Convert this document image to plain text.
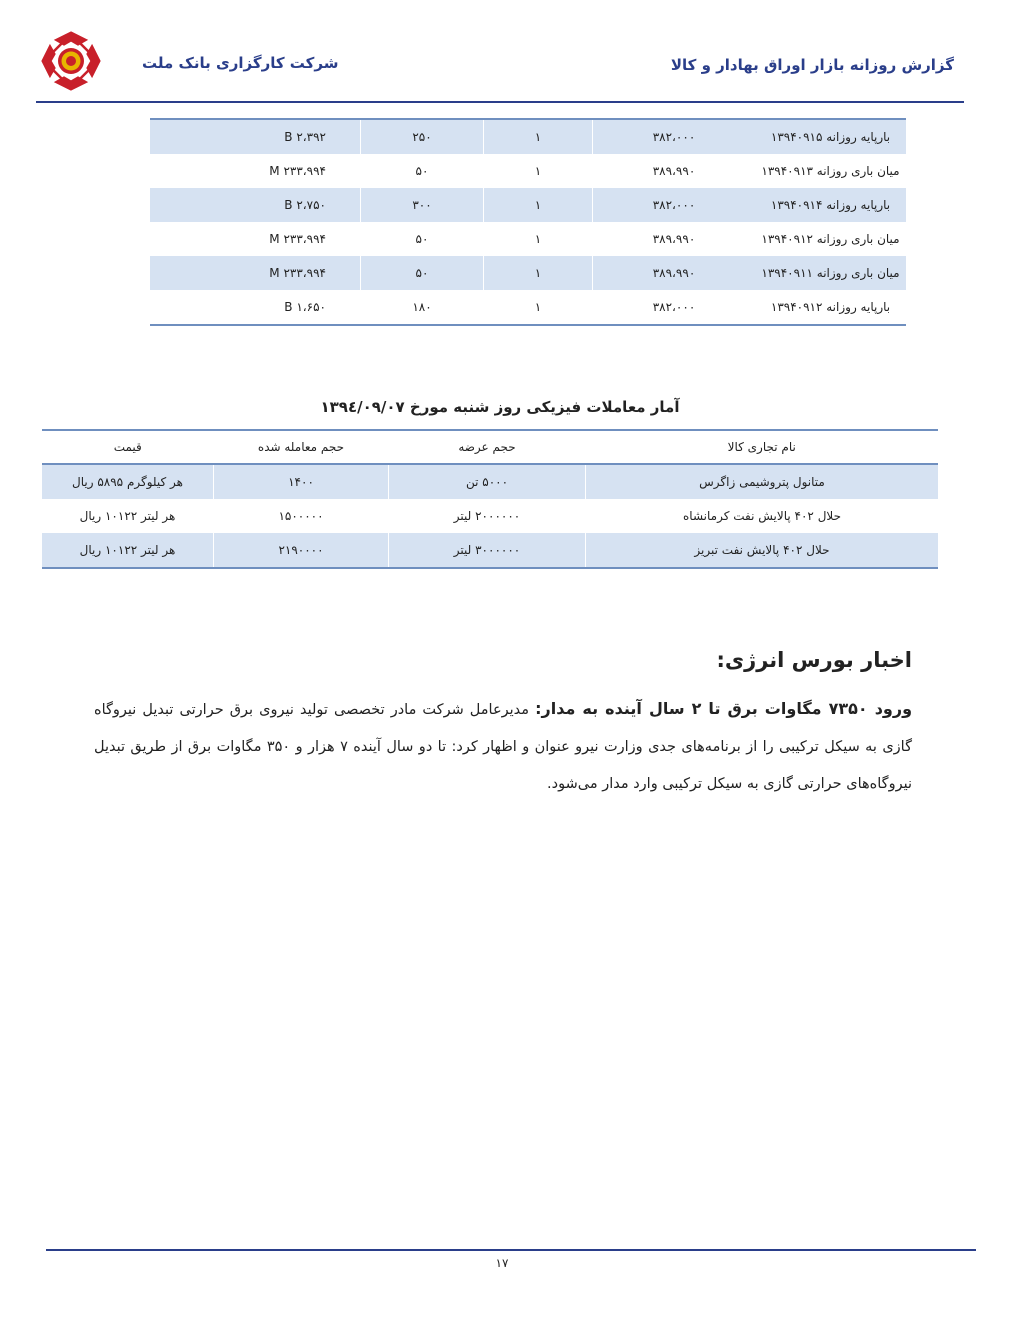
شرکت کارگزاری بانک ملت	گزارش روزانه بازار اوراق بهادار و کالا
بارپایه روزانه ۱۳۹۴۰۹۱۵	۳۸۲،۰۰۰	۱	۲۵۰	۲،۳۹۲ B
میان باری روزانه ۱۳۹۴۰۹۱۳	۳۸۹،۹۹۰	۱	۵۰	۲۳۳،۹۹۴ M
بارپایه روزانه ۱۳۹۴۰۹۱۴	۳۸۲،۰۰۰	۱	۳۰۰	۲،۷۵۰ B
میان باری روزانه ۱۳۹۴۰۹۱۲	۳۸۹،۹۹۰	۱	۵۰	۲۳۳،۹۹۴ M
میان باری روزانه ۱۳۹۴۰۹۱۱	۳۸۹،۹۹۰	۱	۵۰	۲۳۳،۹۹۴ M
بارپایه روزانه ۱۳۹۴۰۹۱۲	۳۸۲،۰۰۰	۱	۱۸۰	۱،۶۵۰ B
آمار معاملات فیزیکی روز شنبه مورخ ۱۳۹٤/۰۹/۰۷
نام تجاری کالا	حجم عرضه	حجم معامله شده	قیمت
متانول پتروشیمی زاگرس	۵۰۰۰ تن	۱۴۰۰	هر کیلوگرم ۵۸۹۵ ریال
حلال ۴۰۲ پالایش نفت کرمانشاه	۲۰۰۰۰۰۰ لیتر	۱۵۰۰۰۰۰	هر لیتر ۱۰۱۲۲ ریال
حلال ۴۰۲ پالایش نفت تبریز	۳۰۰۰۰۰۰ لیتر	۲۱۹۰۰۰۰	هر لیتر ۱۰۱۲۲ ریال
اخبار بورس انرژی:
ورود ۷۳۵۰ مگاوات برق تا ۲ سال آینده به مدار: مدیرعامل شرکت مادر تخصصی تولید نیروی برق حرارتی تبدیل نیروگاه گازی به سیکل ترکیبی را از برنامه‌های جدی وزارت نیرو عنوان و اظهار کرد: تا دو سال آینده ۷ هزار و ۳۵۰ مگاوات برق از طریق تبدیل نیروگاه‌های حرارتی گازی به سیکل ترکیبی وارد مدار می‌شود.
۱۷
